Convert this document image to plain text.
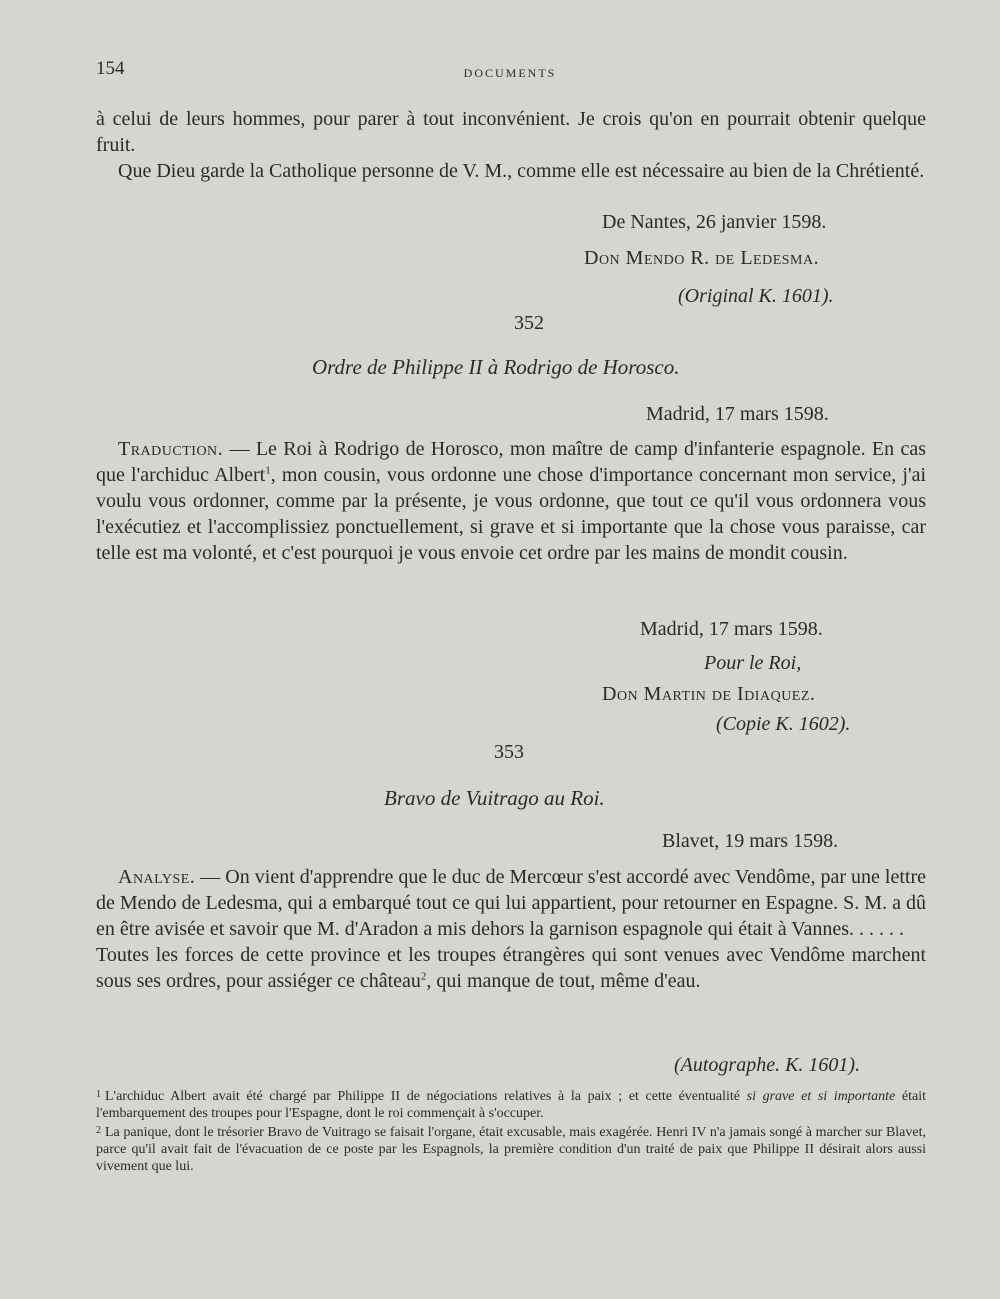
154	DOCUMENTS
à celui de leurs hommes, pour parer à tout inconvénient. Je crois qu'on en pourrait obtenir quelque fruit.
Que Dieu garde la Catholique personne de V. M., comme elle est nécessaire au bien de la Chrétienté.
De Nantes, 26 janvier 1598.
Don Mendo R. de Ledesma.
(Original K. 1601).
352
Ordre de Philippe II à Rodrigo de Horosco.
Madrid, 17 mars 1598.
Traduction. — Le Roi à Rodrigo de Horosco, mon maître de camp d'infanterie espagnole. En cas que l'archiduc Albert$^1$, mon cousin, vous ordonne une chose d'importance concernant mon service, j'ai voulu vous ordonner, comme par la présente, je vous ordonne, que tout ce qu'il vous ordonnera vous l'exécutiez et l'accomplissiez ponctuellement, si grave et si importante que la chose vous paraisse, car telle est ma volonté, et c'est pourquoi je vous envoie cet ordre par les mains de mondit cousin.
Madrid, 17 mars 1598.
Pour le Roi,
Don Martin de Idiaquez.
(Copie K. 1602).
353
Bravo de Vuitrago au Roi.
Blavet, 19 mars 1598.
Analyse. — On vient d'apprendre que le duc de Mercœur s'est accordé avec Vendôme, par une lettre de Mendo de Ledesma, qui a embarqué tout ce qui lui appartient, pour retourner en Espagne. S. M. a dû en être avisée et savoir que M. d'Aradon a mis dehors la garnison espagnole qui était à Vannes. . . . . .
Toutes les forces de cette province et les troupes étrangères qui sont venues avec Vendôme marchent sous ses ordres, pour assiéger ce château$^2$, qui manque de tout, même d'eau.
(Autographe. K. 1601).
$^1$ L'archiduc Albert avait été chargé par Philippe II de négociations relatives à la paix ; et cette éventualité si grave et si importante était l'embarquement des troupes pour l'Espagne, dont le roi commençait à s'occuper.
$^2$ La panique, dont le trésorier Bravo de Vuitrago se faisait l'organe, était excusable, mais exagérée. Henri IV n'a jamais songé à marcher sur Blavet, parce qu'il avait fait de l'évacuation de ce poste par les Espagnols, la première condition d'un traité de paix que Philippe II désirait alors aussi vivement que lui.
